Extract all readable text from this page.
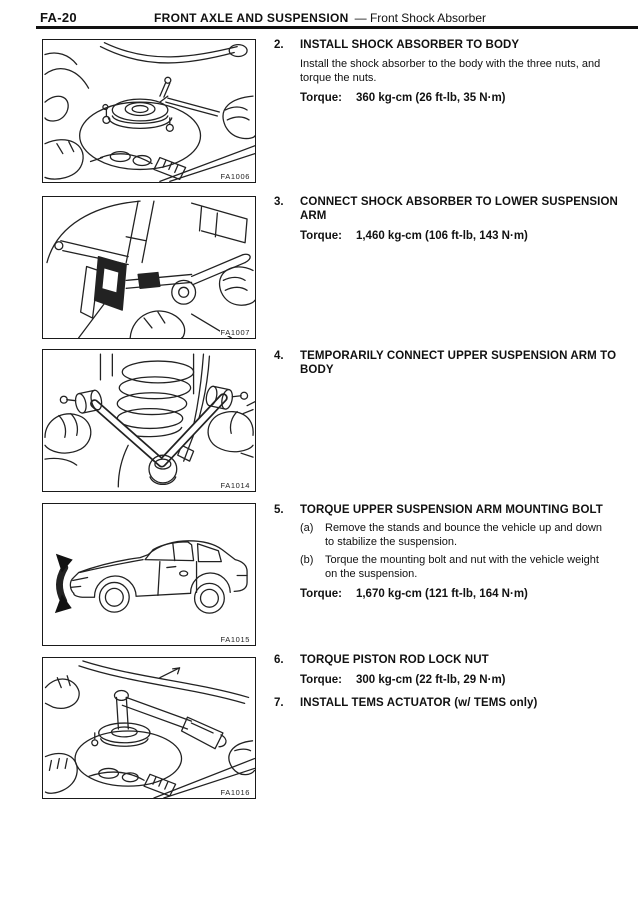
FA-20	FRONT AXLE AND SUSPENSION — Front Shock Absorber
FA1006
FA1007
FA1014
FA1015
FA1016
2.	INSTALL SHOCK ABSORBER TO BODY
Install the shock absorber to the body with the three nuts, and torque the nuts.
Torque: 360 kg-cm (26 ft-lb, 35 N·m)
3.	CONNECT SHOCK ABSORBER TO LOWER SUSPENSION ARM
Torque: 1,460 kg-cm (106 ft-lb, 143 N·m)
4.	TEMPORARILY CONNECT UPPER SUSPENSION ARM TO BODY
5.	TORQUE UPPER SUSPENSION ARM MOUNTING BOLT
(a)	Remove the stands and bounce the vehicle up and down to stabilize the suspension.
(b)	Torque the mounting bolt and nut with the vehicle weight on the suspension.
Torque: 1,670 kg-cm (121 ft-lb, 164 N·m)
6.	TORQUE PISTON ROD LOCK NUT
Torque: 300 kg-cm (22 ft-lb, 29 N·m)
7.	INSTALL TEMS ACTUATOR (w/ TEMS only)
